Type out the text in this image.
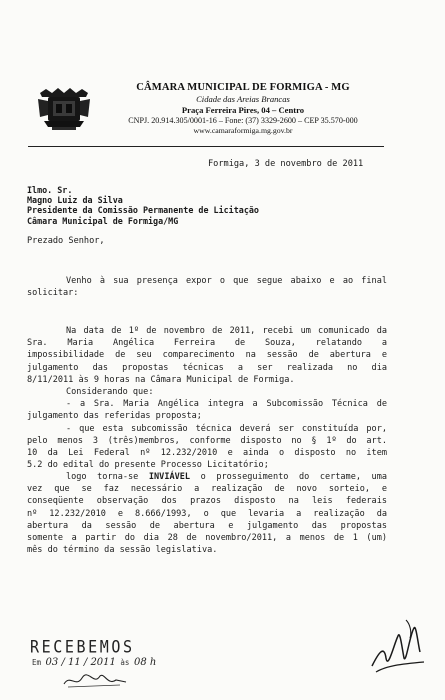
CÂMARA MUNICIPAL DE FORMIGA - MG
Cidade das Areias Brancas
Praça Ferreira Pires, 04 – Centro
CNPJ. 20.914.305/0001-16 – Fone: (37) 3329-2600 – CEP 35.570-000
www.camaraformiga.mg.gov.br
Formiga, 3 de novembro de 2011
Ilmo. Sr.
Magno Luiz da Silva
Presidente da Comissão Permanente de Licitação
Câmara Municipal de Formiga/MG
Prezado Senhor,
Venho à sua presença expor o que segue abaixo e ao final
solicitar:
Na data de 1º de novembro de 2011, recebi um comunicado da
Sra. Maria Angélica Ferreira de Souza, relatando a
impossibilidade de seu comparecimento na sessão de abertura e
julgamento das propostas técnicas a ser realizada no dia
8/11/2011 às 9 horas na Câmara Municipal de Formiga.
Considerando que:
- a Sra. Maria Angélica integra a Subcomissão Técnica de
julgamento das referidas proposta;
- que esta subcomissão técnica deverá ser constituída por,
pelo menos 3 (três)membros, conforme disposto no § 1º do art.
10 da Lei Federal nº 12.232/2010 e ainda o disposto no item
5.2 do edital do presente Processo Licitatório;
logo torna-se INVIÁVEL o prosseguimento do certame, uma
vez que se faz necessário a realização de novo sorteio, e
conseqüente observação dos prazos disposto na leis federais
nº 12.232/2010 e 8.666/1993, o que levaria a realização da
abertura da sessão de abertura e julgamento das propostas
somente a partir do dia 28 de novembro/2011, a menos de 1 (um)
mês do término da sessão legislativa.
RECEBEMOS
Em 03 / 11 / 2011 às 08 h
